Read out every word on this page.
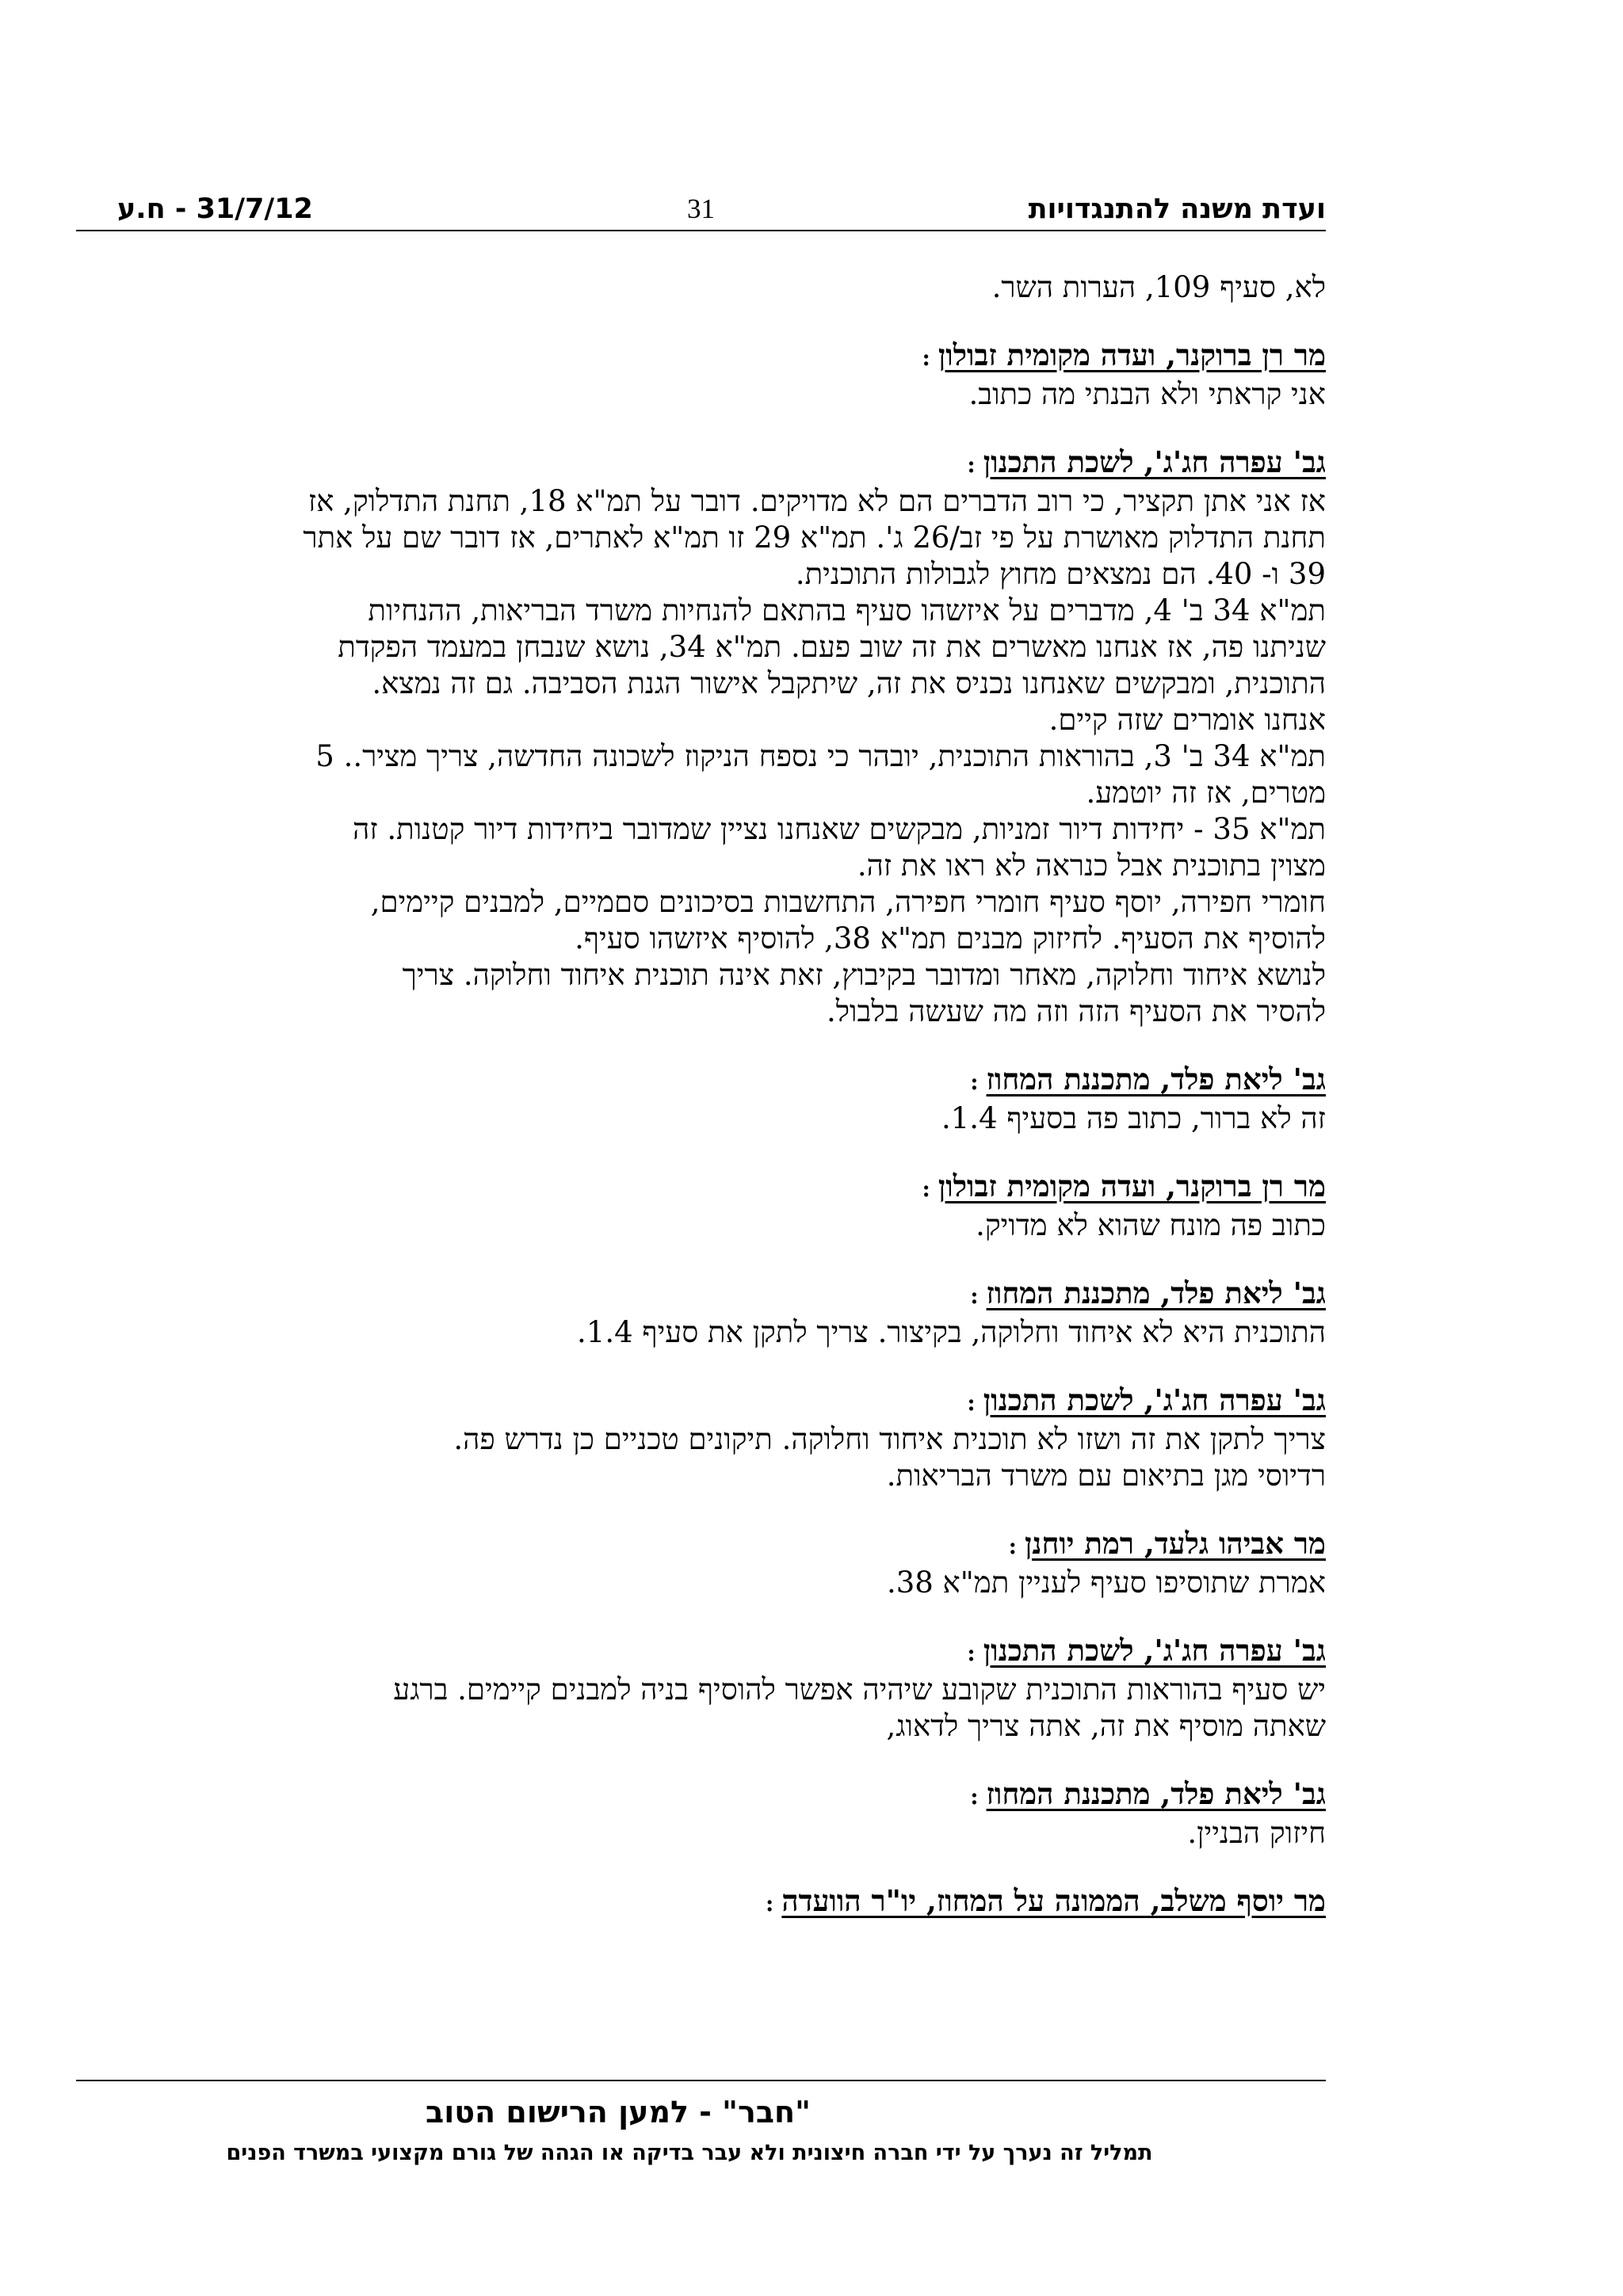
ועדת משנה להתנגדויות
31
31/7/12 - ח.ע
לא, סעיף 109, הערות השר.
מר רן ברוקנר, ועדה מקומית זבולון:
אני קראתי ולא הבנתי מה כתוב.
גב' עפרה חג'ג', לשכת התכנון:
אז אני אתן תקציר, כי רוב הדברים הם לא מדויקים. דובר על תמ"א 18, תחנת התדלוק, אז
תחנת התדלוק מאושרת על פי זב/26 ג'. תמ"א 29 זו תמ"א לאתרים, אז דובר שם על אתר
39 ו- 40. הם נמצאים מחוץ לגבולות התוכנית.
תמ"א 34 ב' 4, מדברים על איזשהו סעיף בהתאם להנחיות משרד הבריאות, ההנחיות
שניתנו פה, אז אנחנו מאשרים את זה שוב פעם. תמ"א 34, נושא שנבחן במעמד הפקדת
התוכנית, ומבקשים שאנחנו נכניס את זה, שיתקבל אישור הגנת הסביבה. גם זה נמצא.
אנחנו אומרים שזה קיים.
תמ"א 34 ב' 3, בהוראות התוכנית, יובהר כי נספח הניקוז לשכונה החדשה, צריך מציר.. 5
מטרים, אז זה יוטמע.
תמ"א 35 - יחידות דיור זמניות, מבקשים שאנחנו נציין שמדובר ביחידות דיור קטנות. זה
מצוין בתוכנית אבל כנראה לא ראו את זה.
חומרי חפירה, יוסף סעיף חומרי חפירה, התחשבות בסיכונים סםמיים, למבנים קיימים,
להוסיף את הסעיף. לחיזוק מבנים תמ"א 38, להוסיף איזשהו סעיף.
לנושא איחוד וחלוקה, מאחר ומדובר בקיבוץ, זאת אינה תוכנית איחוד וחלוקה. צריך
להסיר את הסעיף הזה וזה מה שעשה בלבול.
גב' ליאת פלד, מתכננת המחוז:
זה לא ברור, כתוב פה בסעיף 1.4.
מר רן ברוקנר, ועדה מקומית זבולון:
כתוב פה מונח שהוא לא מדויק.
גב' ליאת פלד, מתכננת המחוז:
התוכנית היא לא איחוד וחלוקה, בקיצור. צריך לתקן את סעיף 1.4.
גב' עפרה חג'ג', לשכת התכנון:
צריך לתקן את זה ושזו לא תוכנית איחוד וחלוקה. תיקונים טכניים כן נדרש פה.
רדיוסי מגן בתיאום עם משרד הבריאות.
מר אביהו גלעד, רמת יוחנן:
אמרת שתוסיפו סעיף לעניין תמ"א 38.
גב' עפרה חג'ג', לשכת התכנון:
יש סעיף בהוראות התוכנית שקובע שיהיה אפשר להוסיף בניה למבנים קיימים. ברגע
שאתה מוסיף את זה, אתה צריך לדאוג,
גב' ליאת פלד, מתכננת המחוז:
חיזוק הבניין.
מר יוסף משלב, הממונה על המחוז, יו"ר הוועדה:
"חבר" - למען הרישום הטוב
תמליל זה נערך על ידי חברה חיצונית ולא עבר בדיקה או הגהה של גורם מקצועי במשרד הפנים
